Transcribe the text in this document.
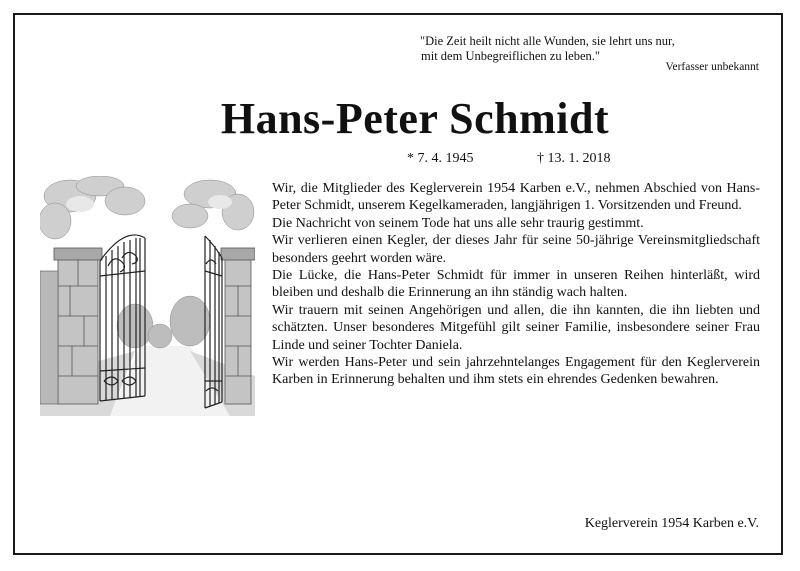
"Die Zeit heilt nicht alle Wunden, sie lehrt uns nur,
mit dem Unbegreiflichen zu leben."
Verfasser unbekannt
Hans-Peter Schmidt
* 7. 4. 1945	† 13. 1. 2018

Wir, die Mitglieder des Keglerverein 1954 Karben e.V., nehmen Abschied von Hans-Peter Schmidt, unserem Kegelkameraden, langjährigen 1. Vorsitzenden und Freund.

Die Nachricht von seinem Tode hat uns alle sehr traurig gestimmt.

Wir verlieren einen Kegler, der dieses Jahr für seine 50-jährige Vereinsmitgliedschaft besonders geehrt worden wäre.

Die Lücke, die Hans-Peter Schmidt für immer in unseren Reihen hinterläßt, wird bleiben und deshalb die Erinnerung an ihn ständig wach halten.

Wir trauern mit seinen Angehörigen und allen, die ihn kannten, die ihn liebten und schätzten. Unser besonderes Mitgefühl gilt seiner Familie, insbesondere seiner Frau Linde und seiner Tochter Daniela.

Wir werden Hans-Peter und sein jahrzehntelanges Engagement für den Keglerverein Karben in Erinnerung behalten und ihm stets ein ehrendes Gedenken bewahren.

Keglerverein 1954 Karben e.V.
